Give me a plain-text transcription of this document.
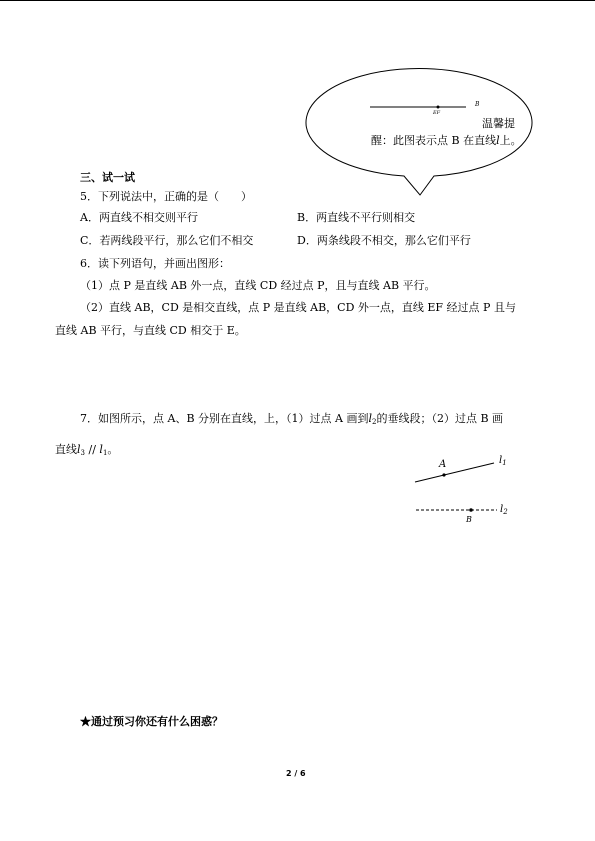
B
EF
温馨提
醒：此图表示点 B 在直线l上。
三、试一试
5．下列说法中，正确的是（　　）
A．两直线不相交则平行	B．两直线不平行则相交
C．若两线段平行，那么它们不相交	D．两条线段不相交，那么它们平行
6．读下列语句，并画出图形：
（1）点 P 是直线 AB 外一点，直线 CD 经过点 P，且与直线 AB 平行。
（2）直线 AB，CD 是相交直线，点 P 是直线 AB，CD 外一点，直线 EF 经过点 P 且与
直线 AB 平行，与直线 CD 相交于 E。
7．如图所示，点 A、B 分别在直线，上，（1）过点 A 画到$l_2$的垂线段；（2）过点 B 画
直线$l_3 // l_1$。
A
B
$l_1$
$l_2$
★通过预习你还有什么困惑？
2 / 6
